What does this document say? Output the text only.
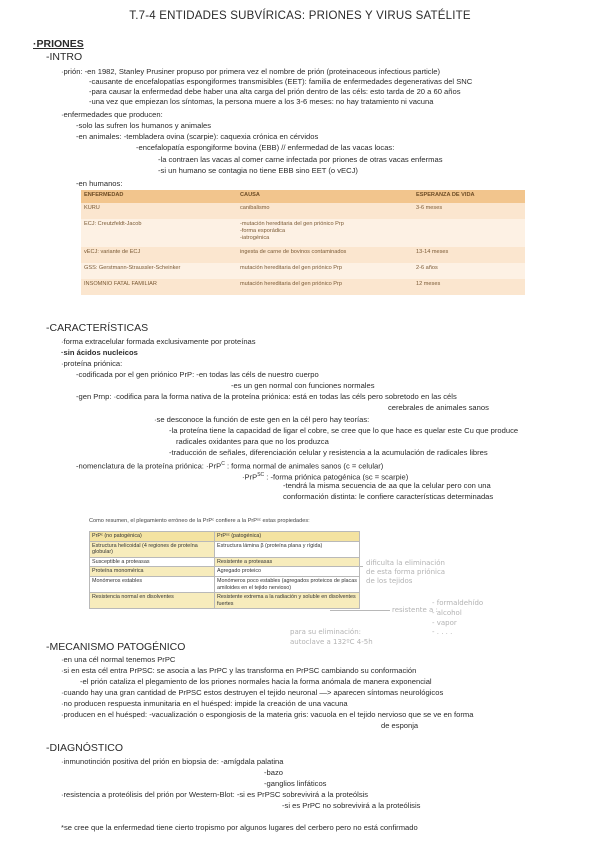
T.7-4 ENTIDADES SUBVÍRICAS: PRIONES Y VIRUS SATÉLITE
·PRIONES
-INTRO
·prión: -en 1982, Stanley Prusiner propuso por primera vez el nombre de prión (proteinaceous infectious particle)
-causante de encefalopatías espongiformes transmisibles (EET): familia de enfermedades degenerativas del SNC
-para causar la enfermedad debe haber una alta carga del prión dentro de las céls: esto tarda de 20 a 60 años
-una vez que empiezan los síntomas, la persona muere a los 3-6 meses: no hay tratamiento ni vacuna
·enfermedades que producen:
-solo las sufren los humanos y animales
-en animales: -tembladera ovina (scarpie): caquexia crónica en cérvidos
-encefalopatía espongiforme bovina (EBB) // enfermedad de las vacas locas:
-la contraen las vacas al comer carne infectada por priones de otras vacas enfermas
-si un humano se contagia no tiene EBB sino EET (o vECJ)
-en humanos:
ENFERMEDAD	CAUSA	ESPERANZA DE VIDA
KURU	canibalismo	3-6 meses
ECJ: Creutzfeldt-Jacob	-mutación hereditaria del gen priónico Prp
-forma esporádica
-iatrogénica	
vECJ: variante de ECJ	ingesta de carne de bovinos contaminados	13-14 meses
GSS: Gerstmann-Straussler-Scheinker	mutación hereditaria del gen priónico Prp	2-6 años
INSOMNIO FATAL FAMILIAR	mutación hereditaria del gen priónico Prp	12 meses
-CARACTERÍSTICAS
·forma extracelular formada exclusivamente por proteínas
·sin ácidos nucleicos
·proteína priónica:
-codificada por el gen priónico PrP: -en todas las céls de nuestro cuerpo
-es un gen normal con funciones normales
-gen Prnp: ·codifica para la forma nativa de la proteína priónica: está en todas las céls pero sobretodo en las céls
cerebrales de animales sanos
·se desconoce la función de este gen en la cél pero hay teorías:
-la proteína tiene la capacidad de ligar el cobre, se cree que lo que hace es quelar este Cu que produce
radicales oxidantes para que no los produzca
-traducción de señales, diferenciación celular y resistencia a la acumulación de radicales libres
-nomenclatura de la proteína priónica: ·PrP$^C$ : forma normal de animales sanos (c = celular)
·PrP$^{SC}$ : -forma priónica patogénica (sc = scarpie)
-tendrá la misma secuencia de aa que la celular pero con una
conformación distinta: le confiere características determinadas
Como resumen, el plegamiento erróneo de la PrPᶜ confiere a la PrPˢᶜ estas propiedades:
PrPᶜ (no patogénica)	PrPˢᶜ (patogénica)
Estructura helicoidal (4 regiones de proteína globular)	Estructura lámina β (proteína plana y rígida)
Susceptible a proteasas	Resistente a proteasas
Proteína monomérica	Agregado proteico
Monómeros estables	Monómeros poco estables (agregados proteicos de placas amiloides en el tejido nervioso)
Resistencia normal en disolventes	Resistente extrema a la radiación y soluble en disolventes fuertes
dificulta la eliminación
de esta forma priónica
de los tejidos
resistente a :
- formaldehído
- alcohol
- vapor
- . . . .
para su eliminación:
autoclave a 132ºC 4-5h
-MECANISMO PATOGÉNICO
·en una cél normal tenemos PrPC
·si en esta cél entra PrPSC: se asocia a las PrPC y las transforma en PrPSC cambiando su conformación
-el prión cataliza el plegamiento de los priones normales hacia la forma anómala de manera exponencial
·cuando hay una gran cantidad de PrPSC estos destruyen el tejido neuronal —> aparecen síntomas neurológicos
·no producen respuesta inmunitaria en el huésped: impide la creación de una vacuna
·producen en el huésped: -vacualización o espongiosis de la materia gris: vacuola en el tejido nervioso que se ve en forma
de esponja
-DIAGNÓSTICO
·inmunotinción positiva del prión en biopsia de: -amígdala palatina
-bazo
-ganglios linfáticos
·resistencia a proteólisis del prión por Western-Blot: -si es PrPSC sobrevivirá a la proteólsis
-si es PrPC no sobrevivirá a la proteólisis
*se cree que la enfermedad tiene cierto tropismo por algunos lugares del cerbero pero no está confirmado
